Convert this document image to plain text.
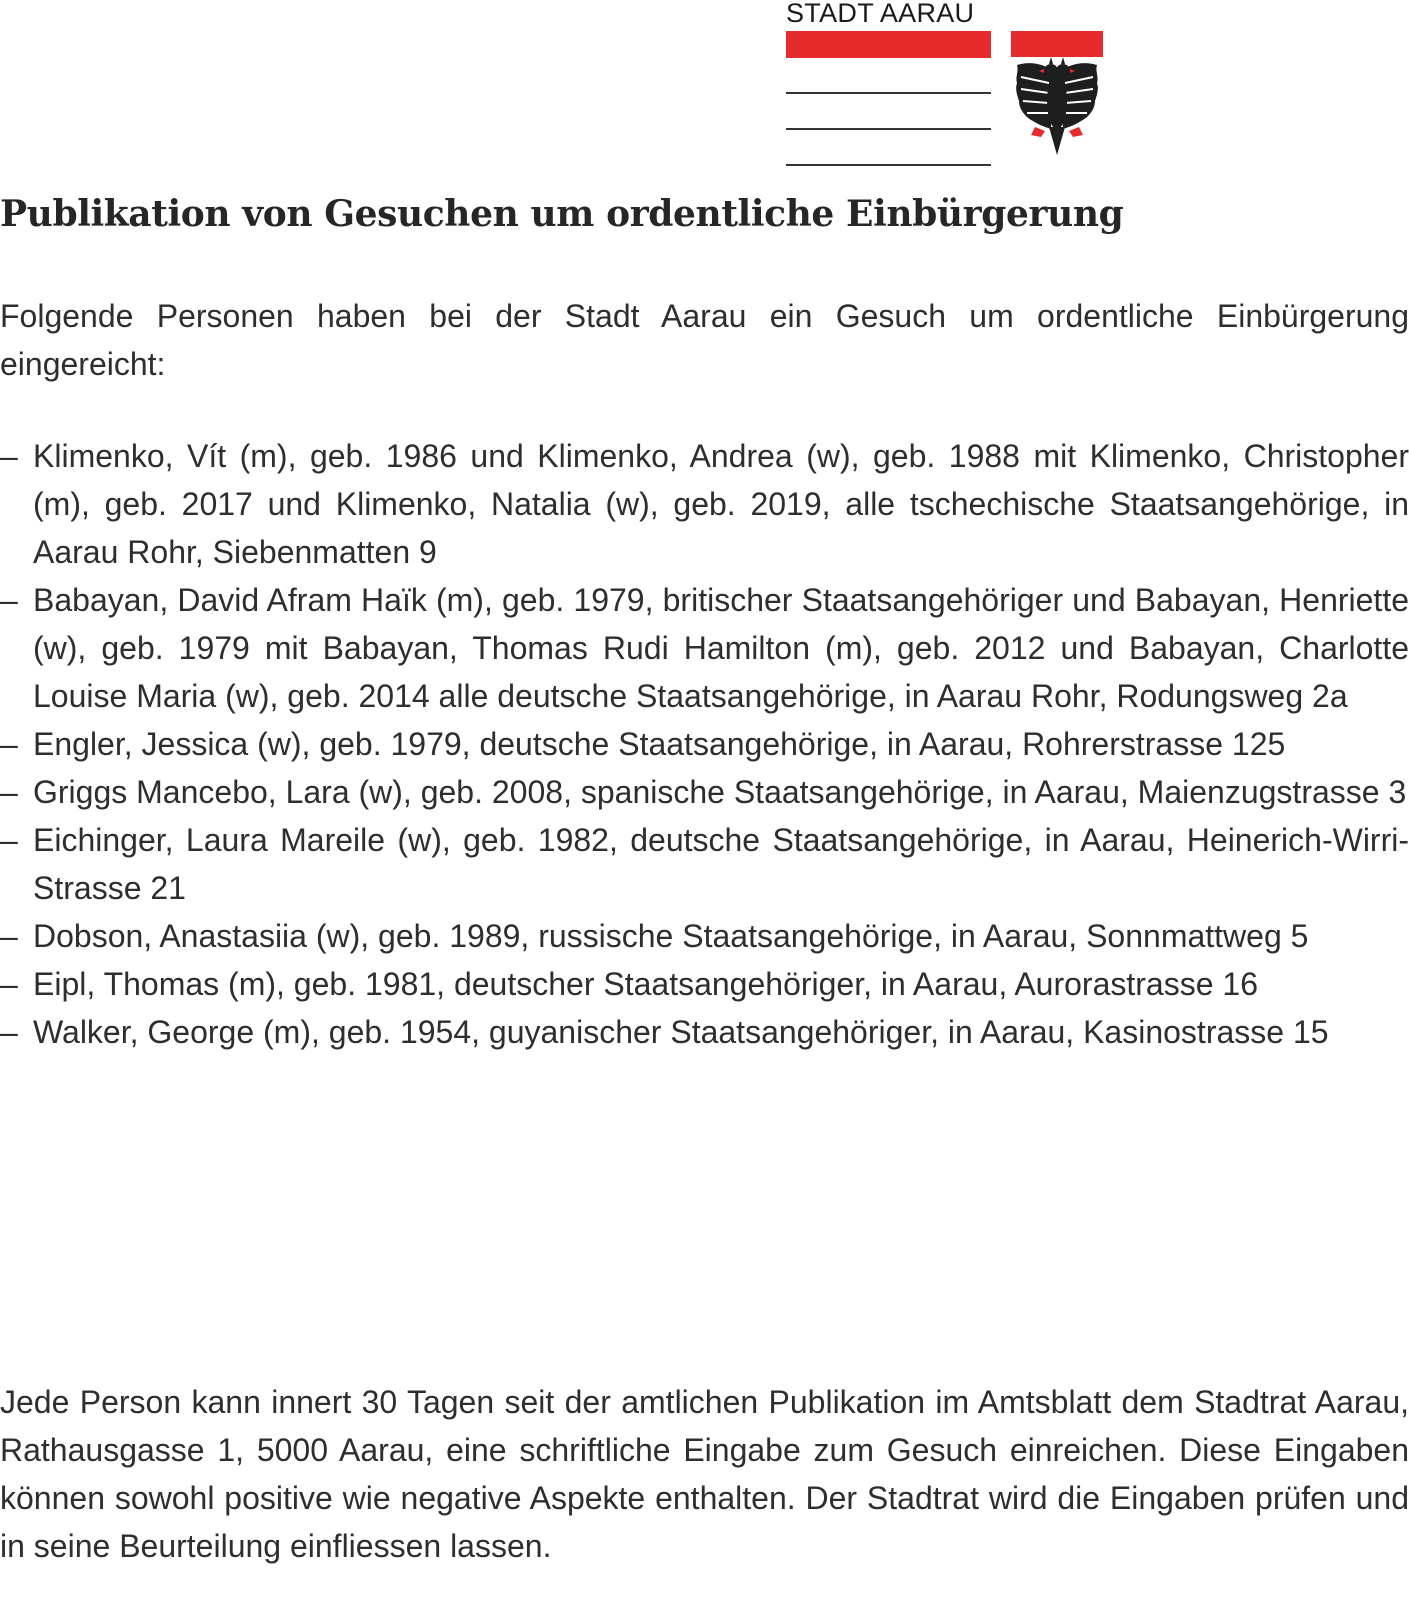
STADT AARAU
Publikation von Gesuchen um ordentliche Einbürgerung
Folgende Personen haben bei der Stadt Aarau ein Gesuch um ordentliche Einbürgerung eingereicht:
– Klimenko, Vít (m), geb. 1986 und Klimenko, Andrea (w), geb. 1988 mit Klimenko, Christopher (m), geb. 2017 und Klimenko, Natalia (w), geb. 2019, alle tschechische Staatsangehörige, in Aarau Rohr, Siebenmatten 9
– Babayan, David Afram Haïk (m), geb. 1979, britischer Staatsangehöriger und Babayan, Henriette (w), geb. 1979 mit Babayan, Thomas Rudi Hamilton (m), geb. 2012 und Babayan, Charlotte Louise Maria (w), geb. 2014 alle deutsche Staatsangehörige, in Aarau Rohr, Rodungsweg 2a
– Engler, Jessica (w), geb. 1979, deutsche Staatsangehörige, in Aarau, Rohrerstrasse 125
– Griggs Mancebo, Lara (w), geb. 2008, spanische Staatsangehörige, in Aarau, Maienzugstrasse 3
– Eichinger, Laura Mareile (w), geb. 1982, deutsche Staatsangehörige, in Aarau, Heinerich-Wirri-Strasse 21
– Dobson, Anastasiia (w), geb. 1989, russische Staatsangehörige, in Aarau, Sonnmattweg 5
– Eipl, Thomas (m), geb. 1981, deutscher Staatsangehöriger, in Aarau, Aurorastrasse 16
– Walker, George (m), geb. 1954, guyanischer Staatsangehöriger, in Aarau, Kasinostrasse 15
Jede Person kann innert 30 Tagen seit der amtlichen Publikation im Amtsblatt dem Stadtrat Aarau, Rathausgasse 1, 5000 Aarau, eine schriftliche Eingabe zum Gesuch einreichen. Diese Eingaben können sowohl positive wie negative Aspekte enthalten. Der Stadtrat wird die Eingaben prüfen und in seine Beurteilung einfliessen lassen.
